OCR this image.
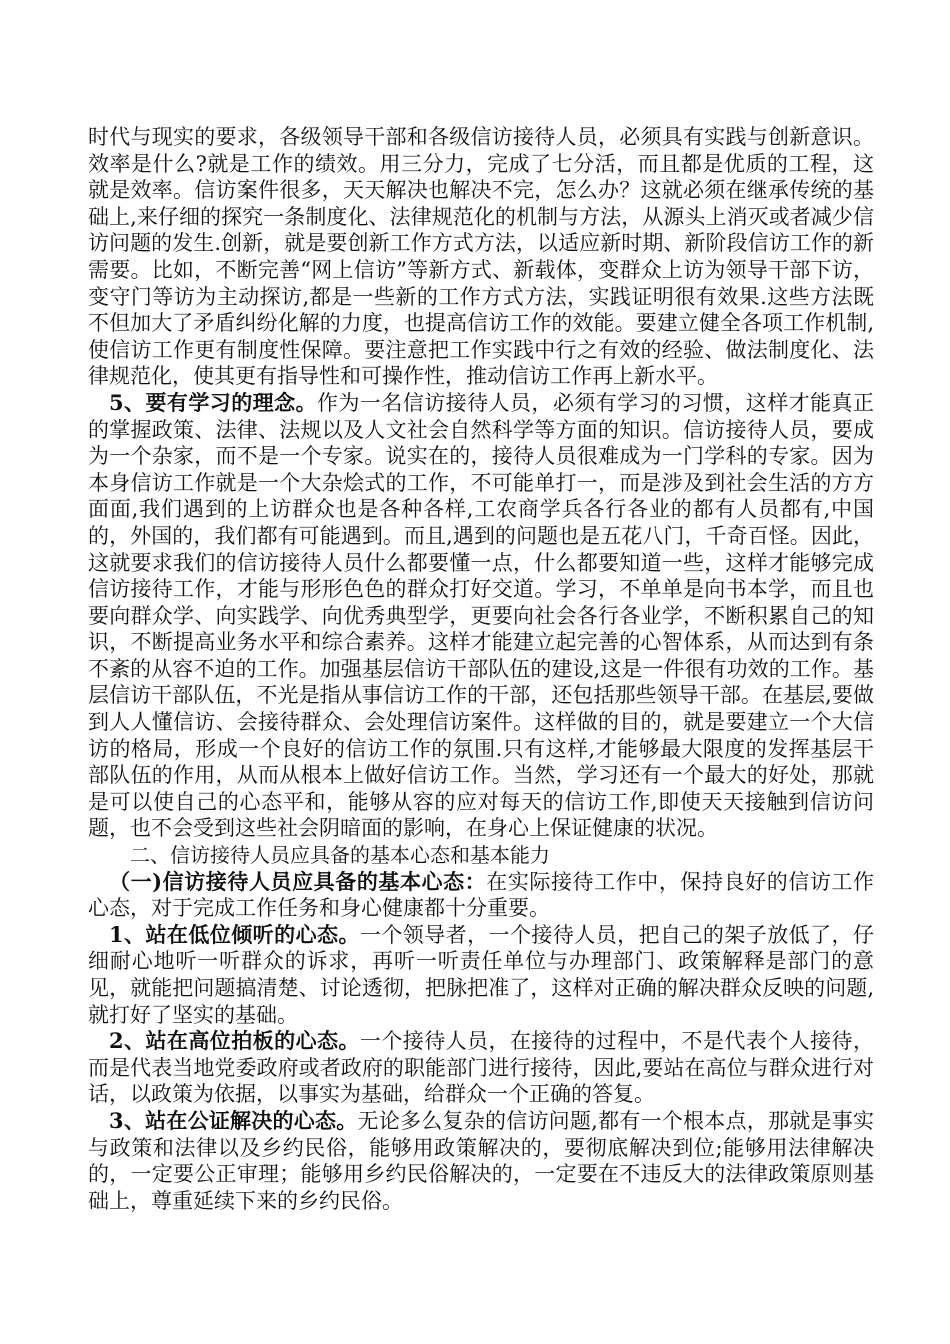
时代与现实的要求，各级领导干部和各级信访接待人员，必须具有实践与创新意识。效率是什么?就是工作的绩效。用三分力，完成了七分活，而且都是优质的工程，这就是效率。信访案件很多，天天解决也解决不完，怎么办？这就必须在继承传统的基础上,来仔细的探究一条制度化、法律规范化的机制与方法，从源头上消灭或者减少信访问题的发生.创新，就是要创新工作方式方法，以适应新时期、新阶段信访工作的新需要。比如，不断完善“网上信访”等新方式、新载体，变群众上访为领导干部下访，变守门等访为主动探访,都是一些新的工作方式方法，实践证明很有效果.这些方法既不但加大了矛盾纠纷化解的力度，也提高信访工作的效能。要建立健全各项工作机制,使信访工作更有制度性保障。要注意把工作实践中行之有效的经验、做法制度化、法律规范化，使其更有指导性和可操作性，推动信访工作再上新水平。

5、要有学习的理念。作为一名信访接待人员，必须有学习的习惯，这样才能真正的掌握政策、法律、法规以及人文社会自然科学等方面的知识。信访接待人员，要成为一个杂家，而不是一个专家。说实在的，接待人员很难成为一门学科的专家。因为本身信访工作就是一个大杂烩式的工作，不可能单打一，而是涉及到社会生活的方方面面,我们遇到的上访群众也是各种各样,工农商学兵各行各业的都有人员都有,中国的，外国的，我们都有可能遇到。而且,遇到的问题也是五花八门，千奇百怪。因此，这就要求我们的信访接待人员什么都要懂一点，什么都要知道一些，这样才能够完成信访接待工作，才能与形形色色的群众打好交道。学习，不单单是向书本学，而且也要向群众学、向实践学、向优秀典型学，更要向社会各行各业学，不断积累自己的知识，不断提高业务水平和综合素养。这样才能建立起完善的心智体系，从而达到有条不紊的从容不迫的工作。加强基层信访干部队伍的建设,这是一件很有功效的工作。基层信访干部队伍，不光是指从事信访工作的干部，还包括那些领导干部。在基层,要做到人人懂信访、会接待群众、会处理信访案件。这样做的目的，就是要建立一个大信访的格局，形成一个良好的信访工作的氛围.只有这样,才能够最大限度的发挥基层干部队伍的作用，从而从根本上做好信访工作。当然，学习还有一个最大的好处，那就是可以使自己的心态平和，能够从容的应对每天的信访工作,即使天天接触到信访问题，也不会受到这些社会阴暗面的影响，在身心上保证健康的状况。

二、信访接待人员应具备的基本心态和基本能力

（一)信访接待人员应具备的基本心态：在实际接待工作中，保持良好的信访工作心态，对于完成工作任务和身心健康都十分重要。

1、站在低位倾听的心态。一个领导者，一个接待人员，把自己的架子放低了，仔细耐心地听一听群众的诉求，再听一听责任单位与办理部门、政策解释是部门的意见，就能把问题搞清楚、讨论透彻，把脉把准了，这样对正确的解决群众反映的问题,就打好了坚实的基础。

2、站在高位拍板的心态。一个接待人员，在接待的过程中，不是代表个人接待，而是代表当地党委政府或者政府的职能部门进行接待，因此,要站在高位与群众进行对话，以政策为依据，以事实为基础，给群众一个正确的答复。

3、站在公证解决的心态。无论多么复杂的信访问题,都有一个根本点，那就是事实与政策和法律以及乡约民俗，能够用政策解决的，要彻底解决到位;能够用法律解决的，一定要公正审理；能够用乡约民俗解决的，一定要在不违反大的法律政策原则基础上，尊重延续下来的乡约民俗。
